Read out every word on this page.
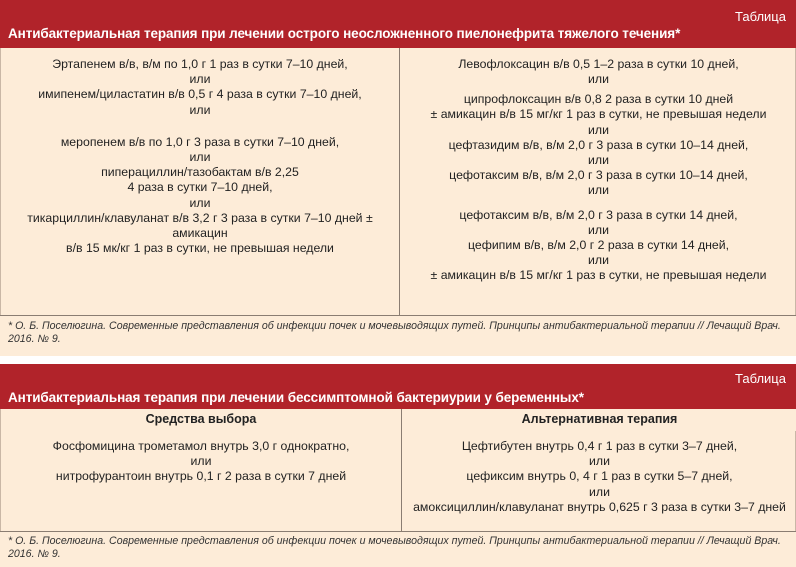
Таблица
Антибактериальная терапия при лечении острого неосложненного пиелонефрита тяжелого течения*
Эртапенем в/в, в/м по 1,0 г 1 раз в сутки 7–10 дней,
или
имипенем/циластатин в/в 0,5 г 4 раза в сутки 7–10 дней,
или
меропенем в/в по 1,0 г 3 раза в сутки 7–10 дней,
или
пиперациллин/тазобактам в/в 2,25
4 раза в сутки 7–10 дней,
или
тикарциллин/клавуланат в/в 3,2 г 3 раза в сутки 7–10 дней ±
амикацин
в/в 15 мк/кг 1 раз в сутки, не превышая недели
Левофлоксацин в/в 0,5 1–2 раза в сутки 10 дней,
или
ципрофлоксацин в/в 0,8 2 раза в сутки 10 дней
± амикацин в/в 15 мг/кг 1 раз в сутки, не превышая недели
или
цефтазидим в/в, в/м 2,0 г 3 раза в сутки 10–14 дней,
или
цефотаксим в/в, в/м 2,0 г 3 раза в сутки 10–14 дней,
или
цефотаксим в/в, в/м 2,0 г 3 раза в сутки 14 дней,
или
цефипим в/в, в/м 2,0 г 2 раза в сутки 14 дней,
или
± амикацин в/в 15 мг/кг 1 раз в сутки, не превышая недели
* О. Б. Поселюгина. Современные представления об инфекции почек и мочевыводящих путей. Принципы антибактериальной терапии // Лечащий Врач. 2016. № 9.
Таблица
Антибактериальная терапия при лечении бессимптомной бактериурии у беременных*
Средства выбора	Альтернативная терапия
Фосфомицина трометамол внутрь 3,0 г однократно,
или
нитрофурантоин внутрь 0,1 г 2 раза в сутки 7 дней
Цефтибутен внутрь 0,4 г 1 раз в сутки 3–7 дней,
или
цефиксим внутрь 0, 4 г 1 раз в сутки 5–7 дней,
или
амоксициллин/клавуланат внутрь 0,625 г 3 раза в сутки 3–7 дней
* О. Б. Поселюгина. Современные представления об инфекции почек и мочевыводящих путей. Принципы антибактериальной терапии // Лечащий Врач. 2016. № 9.
